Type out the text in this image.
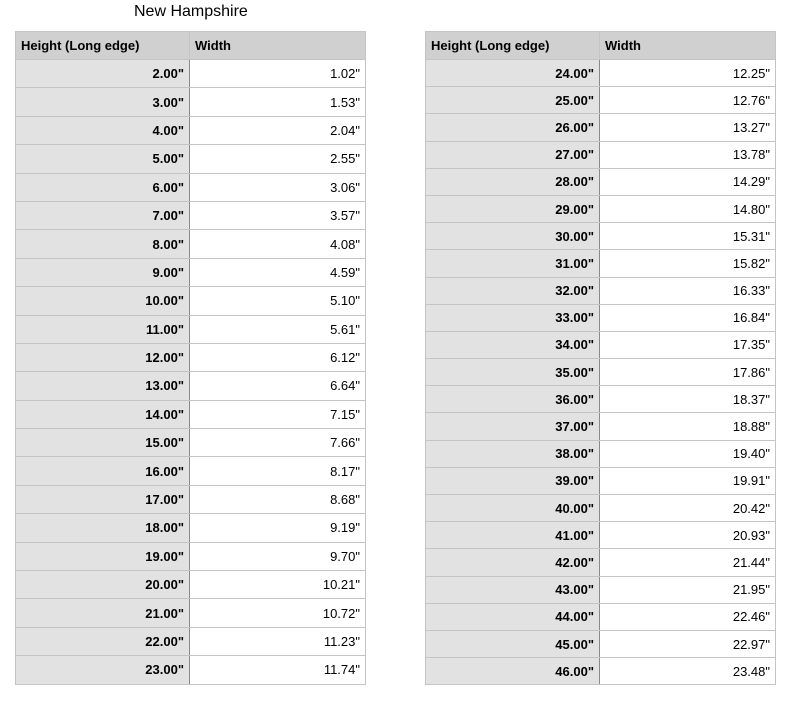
New Hampshire
Height (Long edge)	Width
2.00"	1.02"
3.00"	1.53"
4.00"	2.04"
5.00"	2.55"
6.00"	3.06"
7.00"	3.57"
8.00"	4.08"
9.00"	4.59"
10.00"	5.10"
11.00"	5.61"
12.00"	6.12"
13.00"	6.64"
14.00"	7.15"
15.00"	7.66"
16.00"	8.17"
17.00"	8.68"
18.00"	9.19"
19.00"	9.70"
20.00"	10.21"
21.00"	10.72"
22.00"	11.23"
23.00"	11.74"
Height (Long edge)	Width
24.00"	12.25"
25.00"	12.76"
26.00"	13.27"
27.00"	13.78"
28.00"	14.29"
29.00"	14.80"
30.00"	15.31"
31.00"	15.82"
32.00"	16.33"
33.00"	16.84"
34.00"	17.35"
35.00"	17.86"
36.00"	18.37"
37.00"	18.88"
38.00"	19.40"
39.00"	19.91"
40.00"	20.42"
41.00"	20.93"
42.00"	21.44"
43.00"	21.95"
44.00"	22.46"
45.00"	22.97"
46.00"	23.48"
